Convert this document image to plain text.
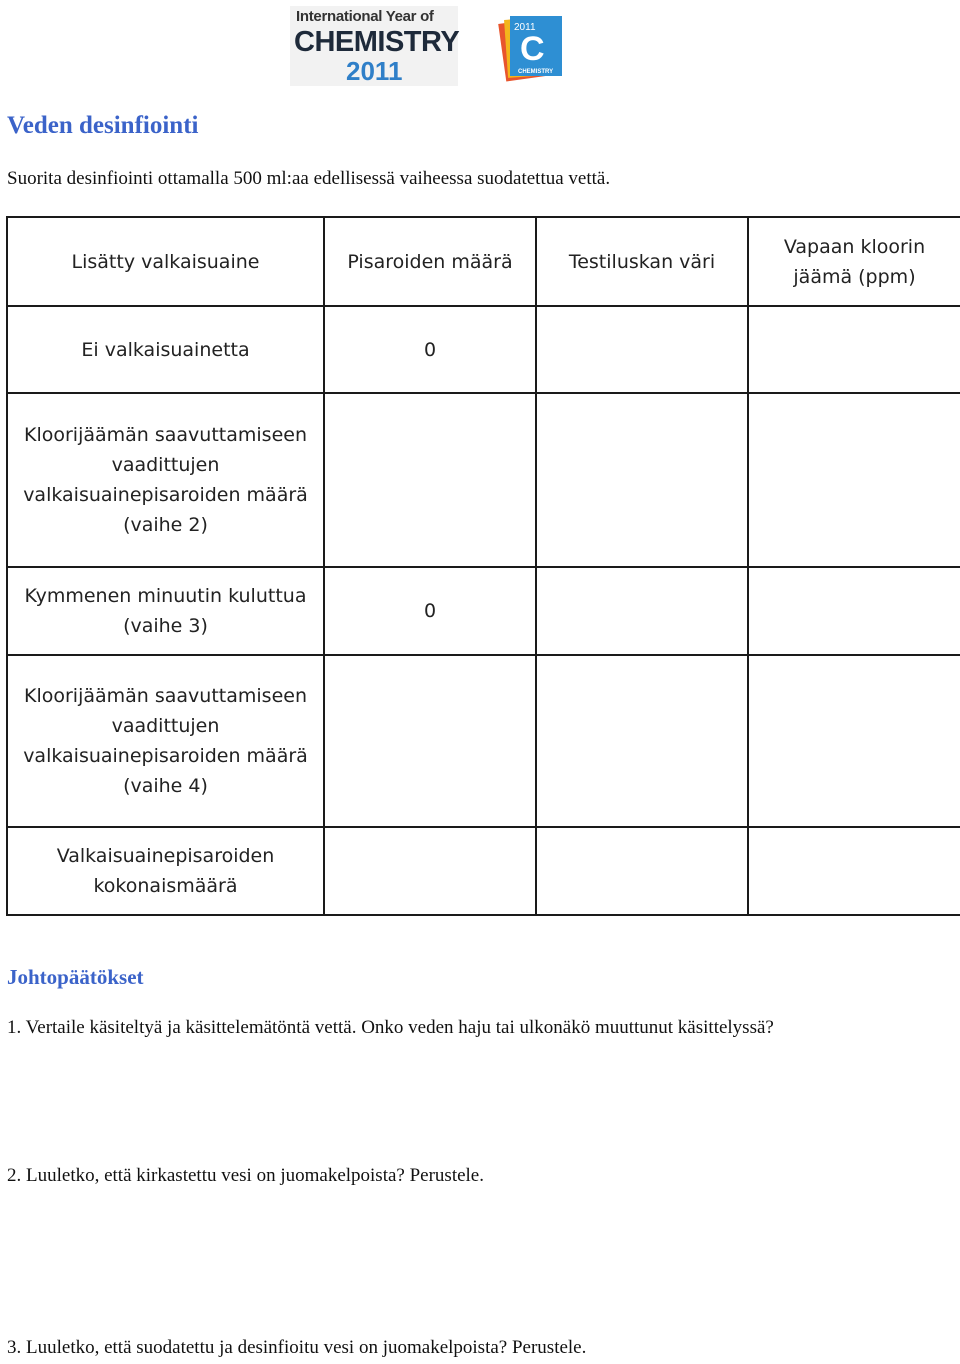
International Year of
CHEMISTRY
2011
2011
C
CHEMISTRY
Veden desinfiointi

Suorita desinfiointi ottamalla 500 ml:aa edellisessä vaiheessa suodatettua vettä.

Lisätty valkaisuaine	Pisaroiden määrä	Testiluskan väri	Vapaan kloorin jäämä (ppm)
Ei valkaisuainetta	0		
Kloorijäämän saavuttamiseen vaadittujen valkaisuainepisaroiden määrä (vaihe 2)			
Kymmenen minuutin kuluttua (vaihe 3)	0		
Kloorijäämän saavuttamiseen vaadittujen valkaisuainepisaroiden määrä (vaihe 4)			
Valkaisuainepisaroiden kokonaismäärä			
Johtopäätökset

1. Vertaile käsiteltyä ja käsittelemätöntä vettä. Onko veden haju tai ulkonäkö muuttunut käsittelyssä?

2. Luuletko, että kirkastettu vesi on juomakelpoista? Perustele.

3. Luuletko, että suodatettu ja desinfioitu vesi on juomakelpoista? Perustele.
